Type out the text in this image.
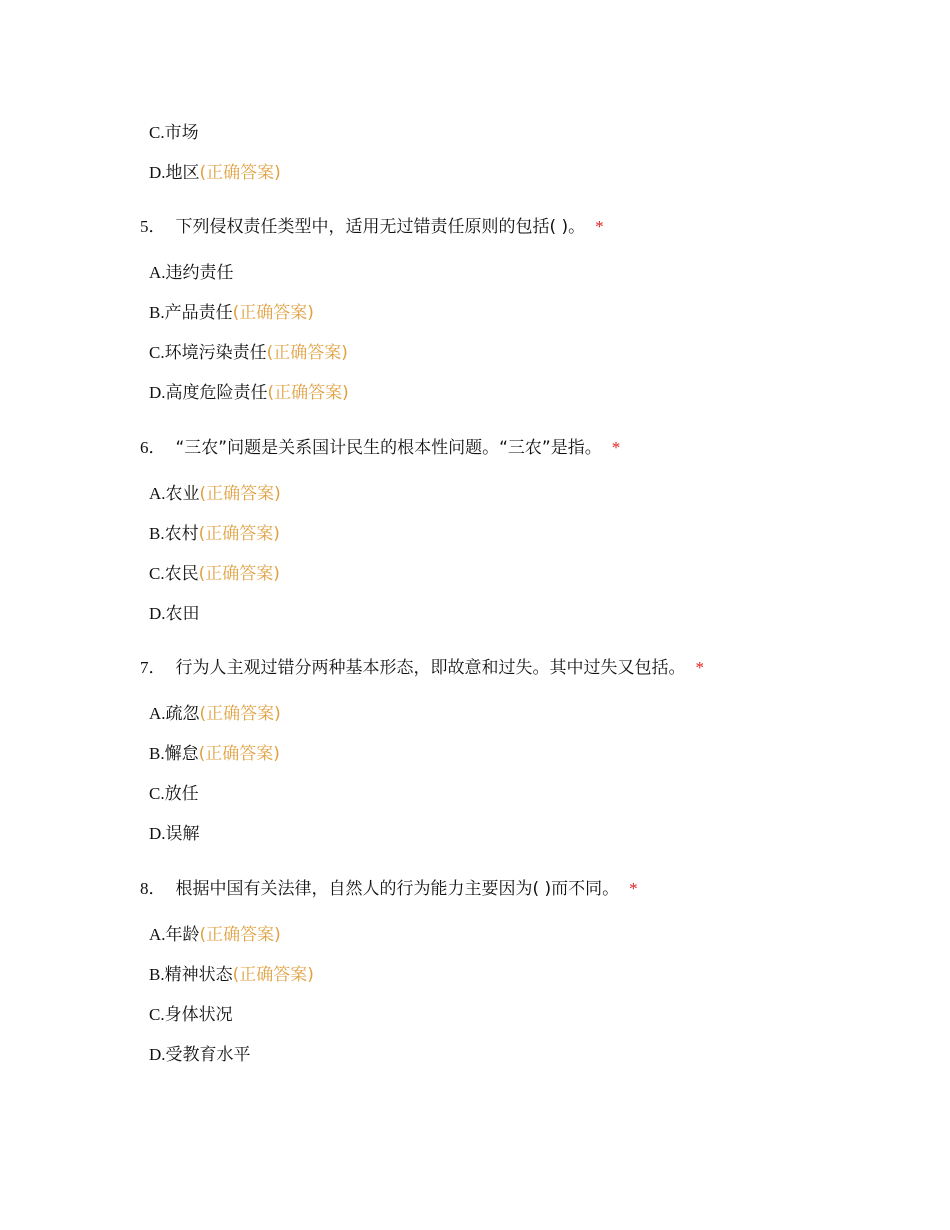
C.市场
D.地区(正确答案)
5． 下列侵权责任类型中，适用无过错责任原则的包括( )。 *
A.违约责任
B.产品责任(正确答案)
C.环境污染责任(正确答案)
D.高度危险责任(正确答案)
6． “三农”问题是关系国计民生的根本性问题。“三农”是指。 *
A.农业(正确答案)
B.农村(正确答案)
C.农民(正确答案)
D.农田
7． 行为人主观过错分两种基本形态，即故意和过失。其中过失又包括。 *
A.疏忽(正确答案)
B.懈怠(正确答案)
C.放任
D.误解
8． 根据中国有关法律，自然人的行为能力主要因为( )而不同。 *
A.年龄(正确答案)
B.精神状态(正确答案)
C.身体状况
D.受教育水平
